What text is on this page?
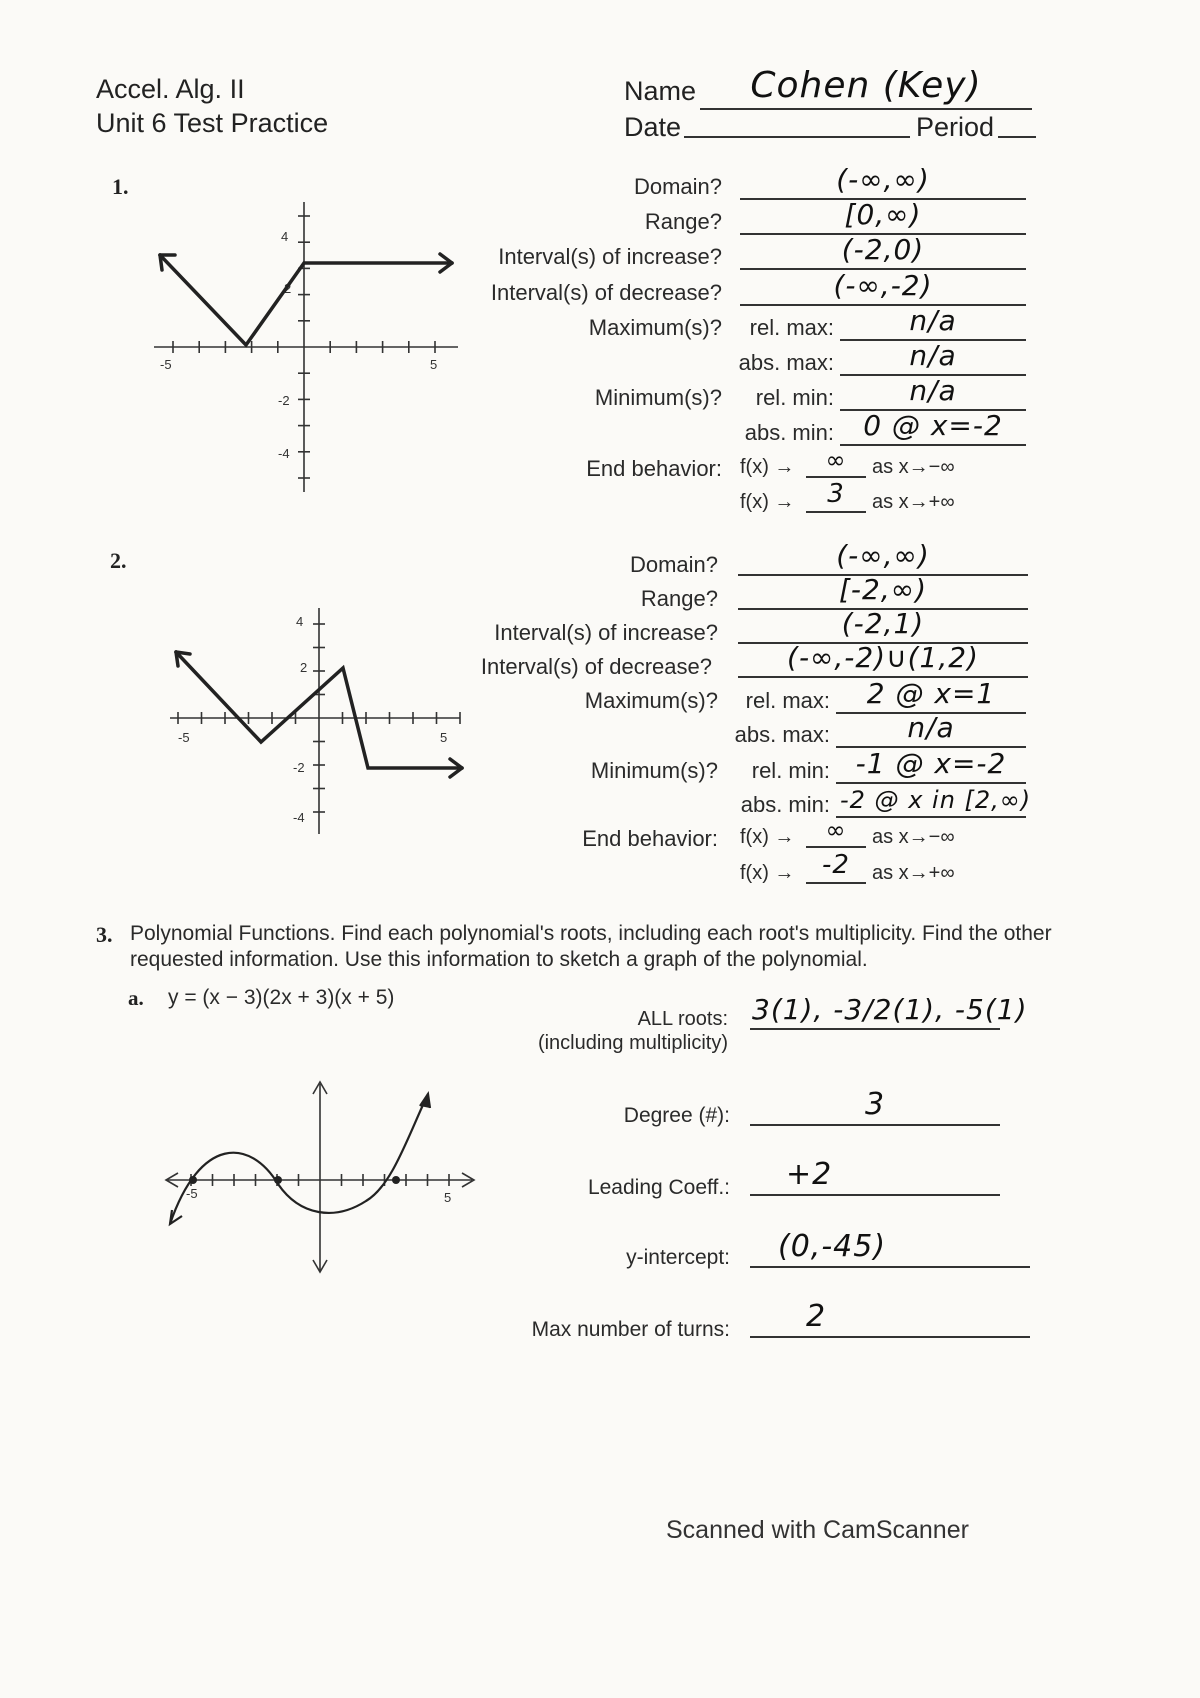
Accel. Alg. II
Unit 6 Test Practice
Name	Cohen (Key)
Date	Period
1.
-5	5
4
2
-2
-4
Domain?	(-∞,∞)
Range?	[0,∞)
Interval(s) of increase?	(-2,0)
Interval(s) of decrease?	(-∞,-2)
Maximum(s)? rel. max:	n/a
abs. max:	n/a
Minimum(s)? rel. min:	n/a
abs. min:	0 @ x=-2
End behavior: f(x) →	∞	as x→−∞
f(x) →	3	as x→+∞
2.
-5	5
4
2
-2
-4
Domain?	(-∞,∞)
Range?	[-2,∞)
Interval(s) of increase?	(-2,1)
Interval(s) of decrease?	(-∞,-2)∪(1,2)
Maximum(s)? rel. max:	2 @ x=1
abs. max:	n/a
Minimum(s)? rel. min: -1 @ x=-2
abs. min: -2 @ x in [2,∞)
End behavior: f(x) →	∞	as x→−∞
f(x) →	-2	as x→+∞
3. Polynomial Functions. Find each polynomial's roots, including each root's multiplicity. Find the other
requested information. Use this information to sketch a graph of the polynomial.
a. y = (x − 3)(2x + 3)(x + 5)
ALL roots:
(including multiplicity)
3(1), -3/2(1), -5(1)
-5	5
Degree (#):	3
Leading Coeff.: +2
y-intercept: (0,-45)
Max number of turns:	2
Scanned with CamScanner
